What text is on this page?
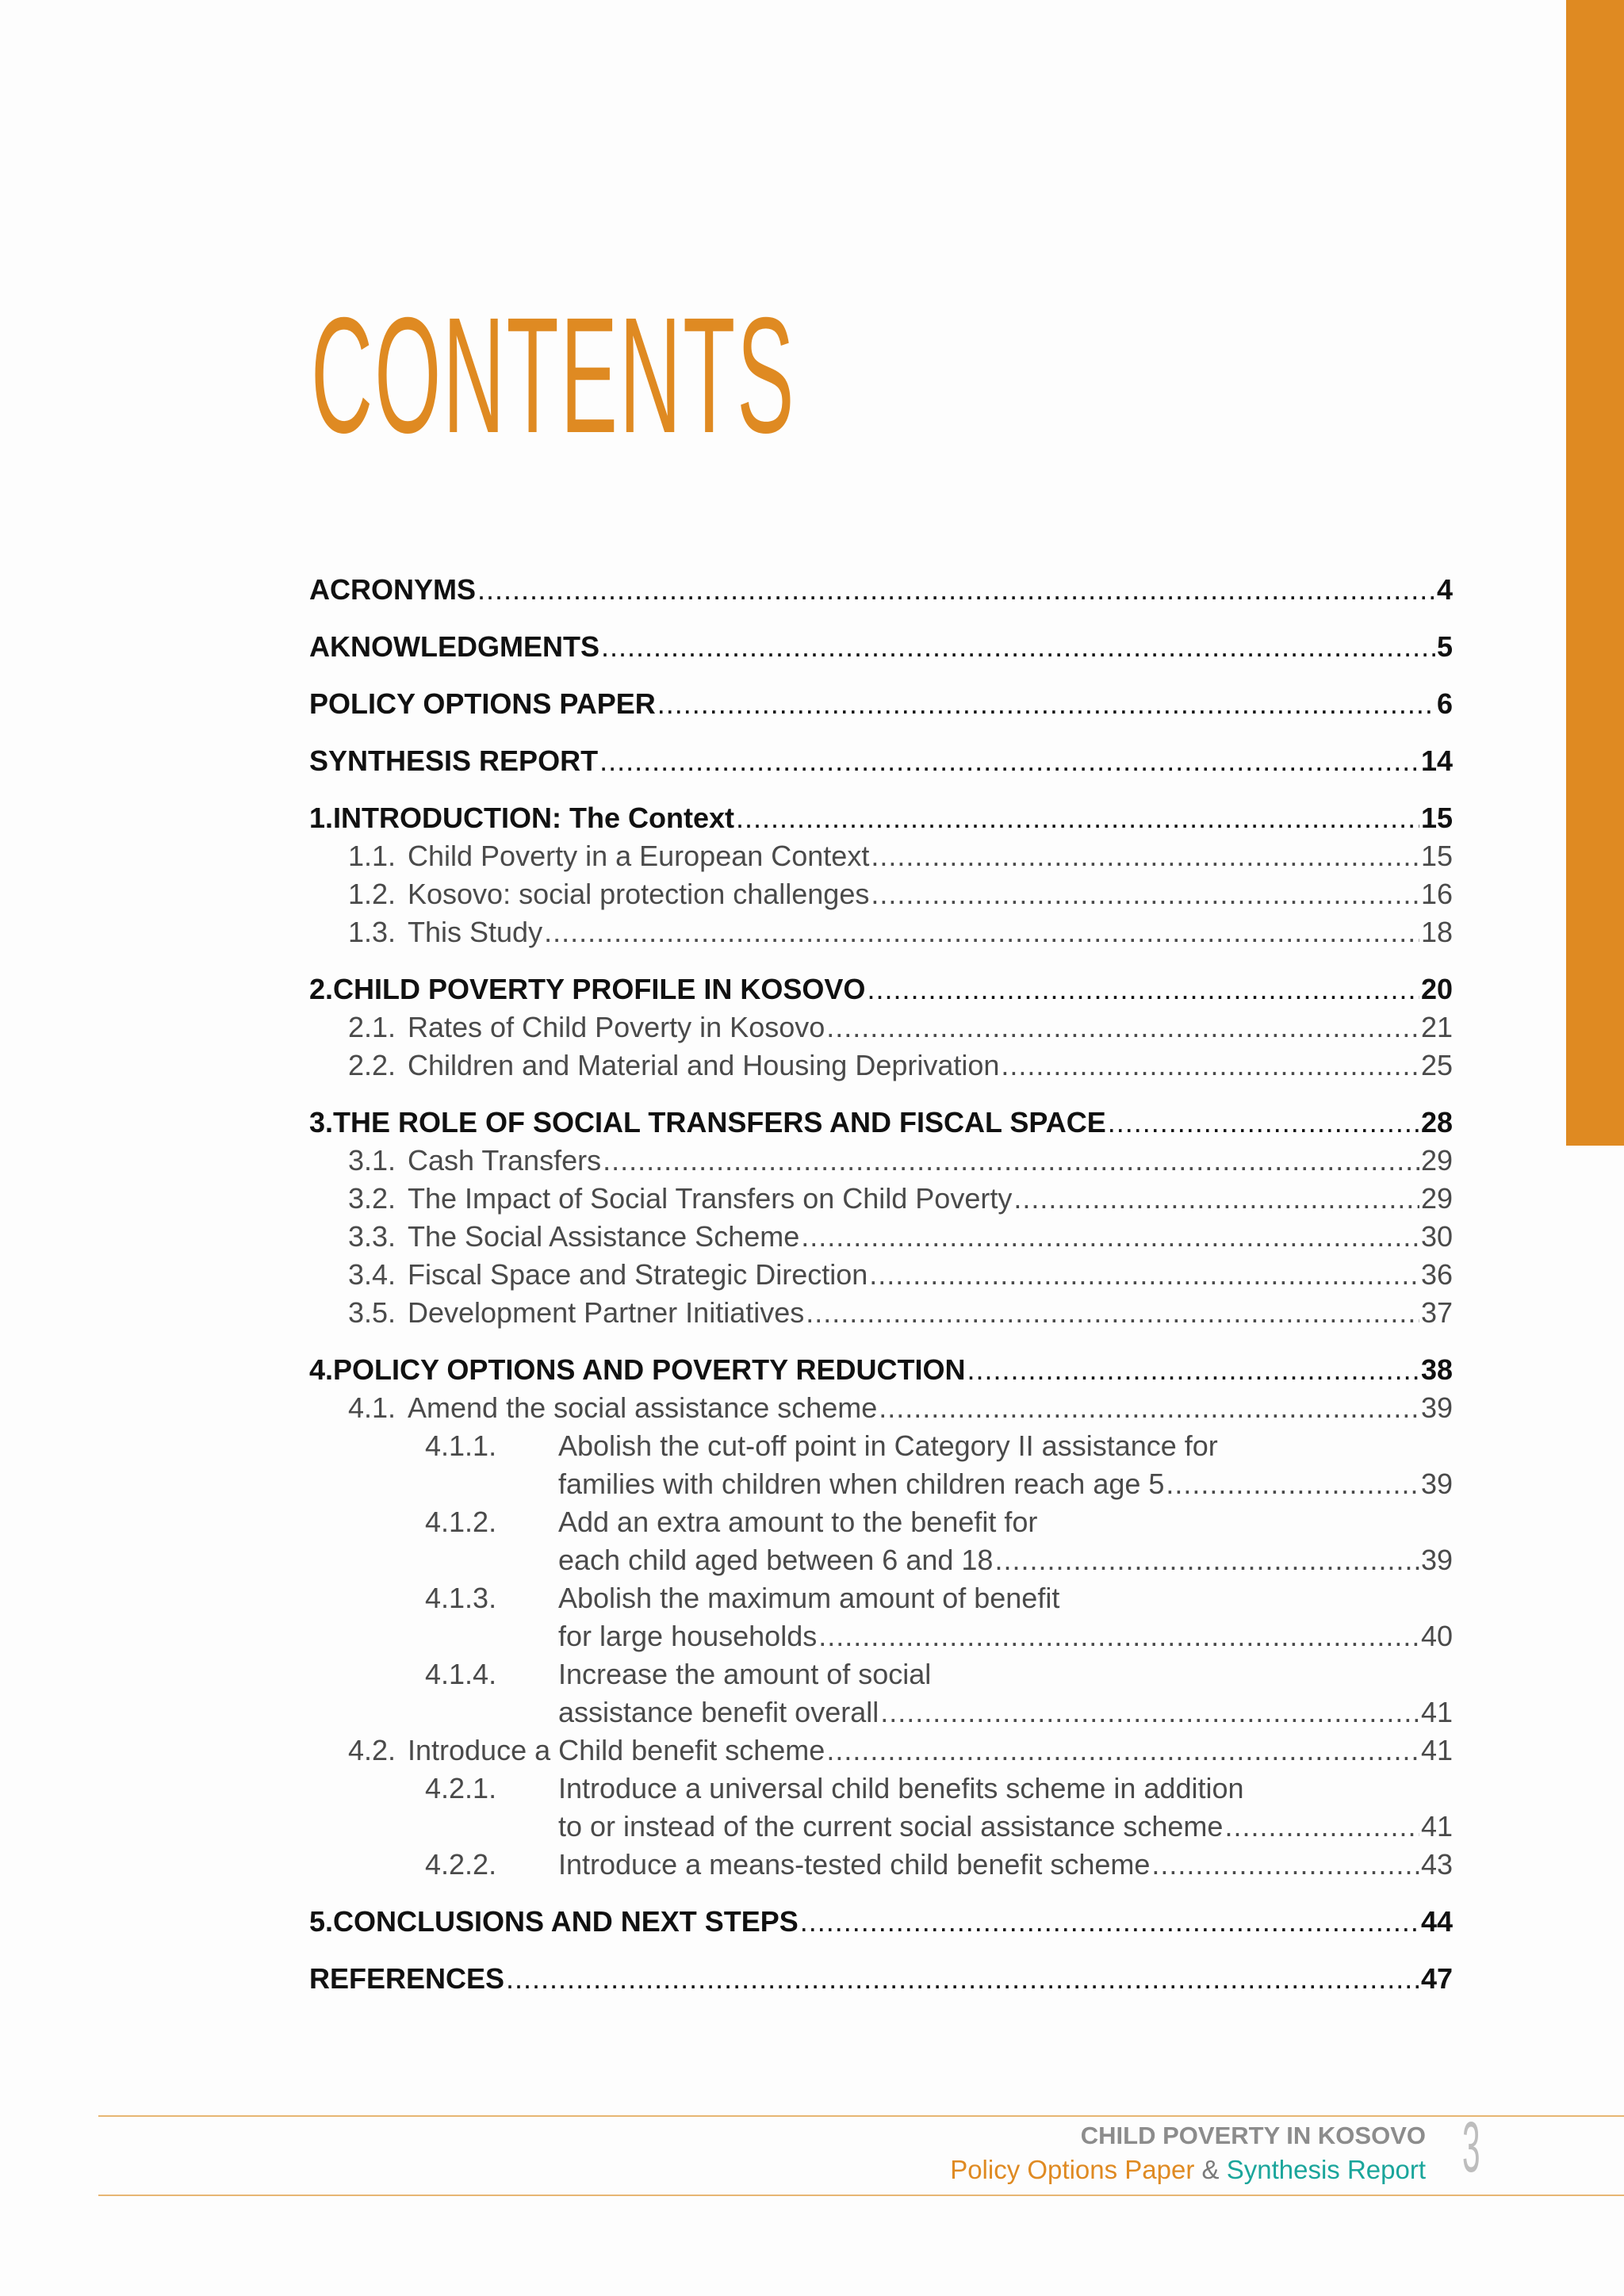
CONTENTS
ACRONYMS .....	4
AKNOWLEDGMENTS .....	5
POLICY OPTIONS PAPER .....	6
SYNTHESIS REPORT .....	14
1.INTRODUCTION: The Context .....	15
1.1. Child Poverty in a European Context .....	15
1.2. Kosovo: social protection challenges .....	16
1.3. This Study .....	18
2.CHILD POVERTY PROFILE IN KOSOVO .....	20
2.1. Rates of Child Poverty in Kosovo .....	21
2.2. Children and Material and Housing Deprivation .....	25
3.THE ROLE OF SOCIAL TRANSFERS AND FISCAL SPACE .....	28
3.1. Cash Transfers .....	29
3.2. The Impact of Social Transfers on Child Poverty .....	29
3.3. The Social Assistance Scheme .....	30
3.4. Fiscal Space and Strategic Direction .....	36
3.5. Development Partner Initiatives .....	37
4.POLICY OPTIONS AND POVERTY REDUCTION .....	38
4.1. Amend the social assistance scheme .....	39
4.1.1.	Abolish the cut-off point in Category II assistance for
families with children when children reach age 5 .....	39
4.1.2.	Add an extra amount to the benefit for
each child aged between 6 and 18 .....	39
4.1.3.	Abolish the maximum amount of benefit
for large households .....	40
4.1.4.	Increase the amount of social
assistance benefit overall .....	41
4.2. Introduce a Child benefit scheme .....	41
4.2.1.	Introduce a universal child benefits scheme in addition
to or instead of the current social assistance scheme .....	41
4.2.2.	Introduce a means-tested child benefit scheme .....	43
5.CONCLUSIONS AND NEXT STEPS .....	44
REFERENCES .....	47
CHILD POVERTY IN KOSOVO
Policy Options Paper & Synthesis Report 3
